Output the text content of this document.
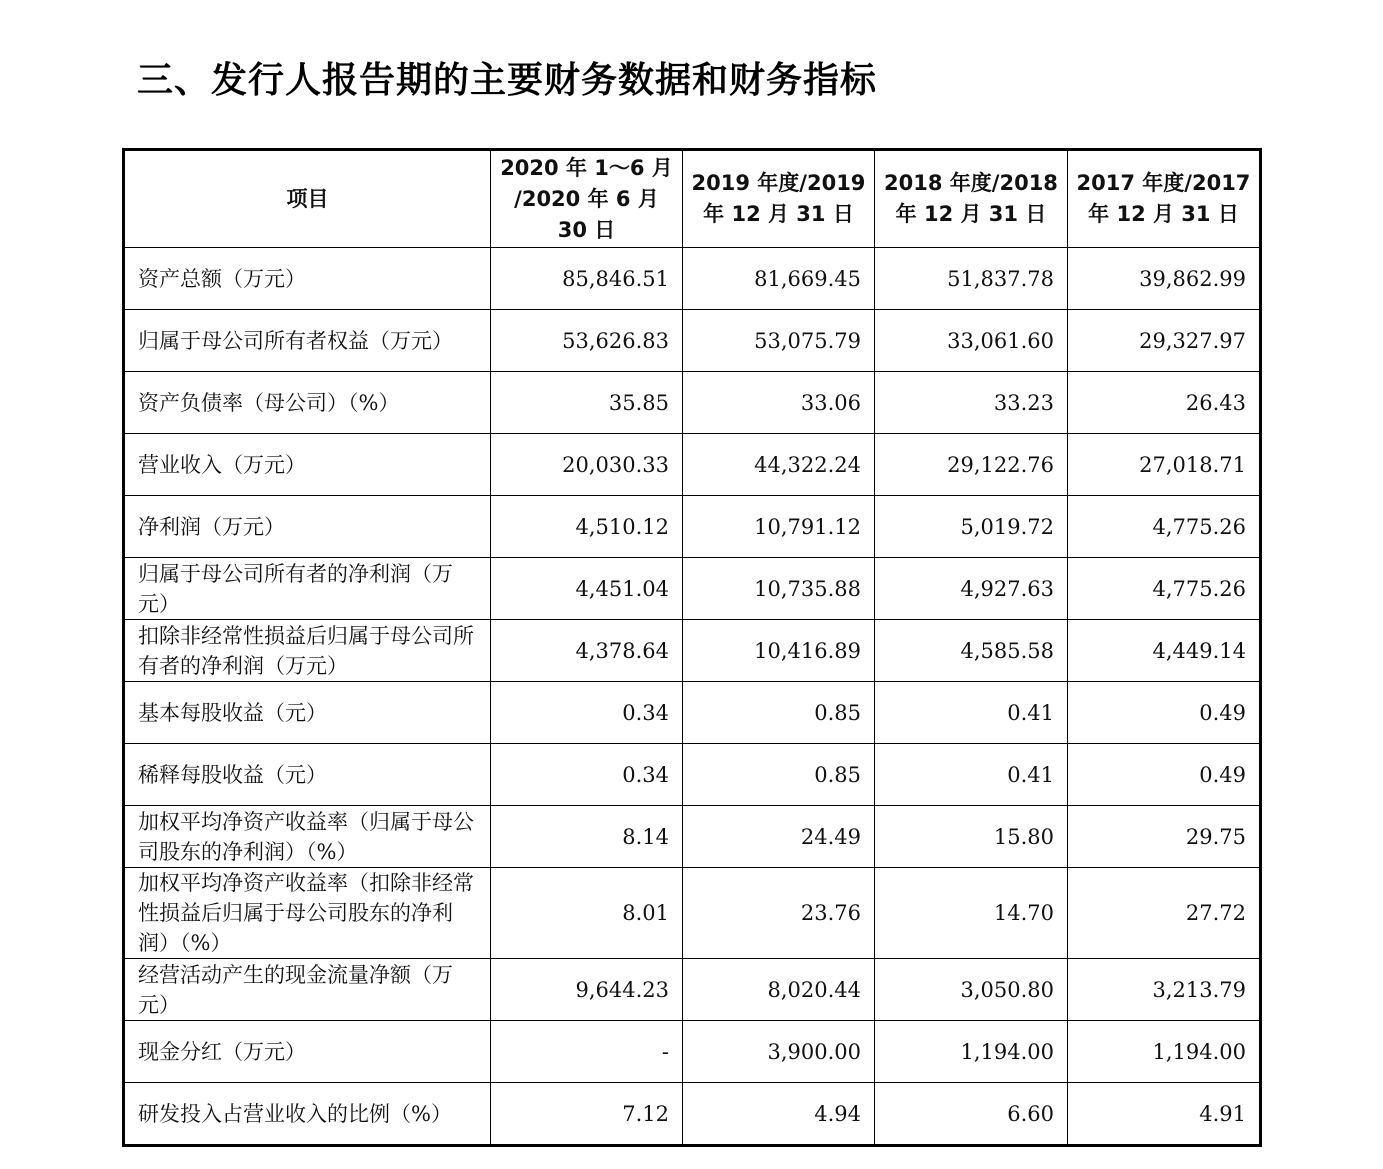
三、发行人报告期的主要财务数据和财务指标
项目	2020 年 1～6 月 /2020 年 6 月 30 日	2019 年度/2019 年 12 月 31 日	2018 年度/2018 年 12 月 31 日	2017 年度/2017 年 12 月 31 日
资产总额（万元）	85,846.51	81,669.45	51,837.78	39,862.99
归属于母公司所有者权益（万元）	53,626.83	53,075.79	33,061.60	29,327.97
资产负债率（母公司）（%）	35.85	33.06	33.23	26.43
营业收入（万元）	20,030.33	44,322.24	29,122.76	27,018.71
净利润（万元）	4,510.12	10,791.12	5,019.72	4,775.26
归属于母公司所有者的净利润（万元）	4,451.04	10,735.88	4,927.63	4,775.26
扣除非经常性损益后归属于母公司所有者的净利润（万元）	4,378.64	10,416.89	4,585.58	4,449.14
基本每股收益（元）	0.34	0.85	0.41	0.49
稀释每股收益（元）	0.34	0.85	0.41	0.49
加权平均净资产收益率（归属于母公司股东的净利润）（%）	8.14	24.49	15.80	29.75
加权平均净资产收益率（扣除非经常性损益后归属于母公司股东的净利润）（%）	8.01	23.76	14.70	27.72
经营活动产生的现金流量净额（万元）	9,644.23	8,020.44	3,050.80	3,213.79
现金分红（万元）	-	3,900.00	1,194.00	1,194.00
研发投入占营业收入的比例（%）	7.12	4.94	6.60	4.91
